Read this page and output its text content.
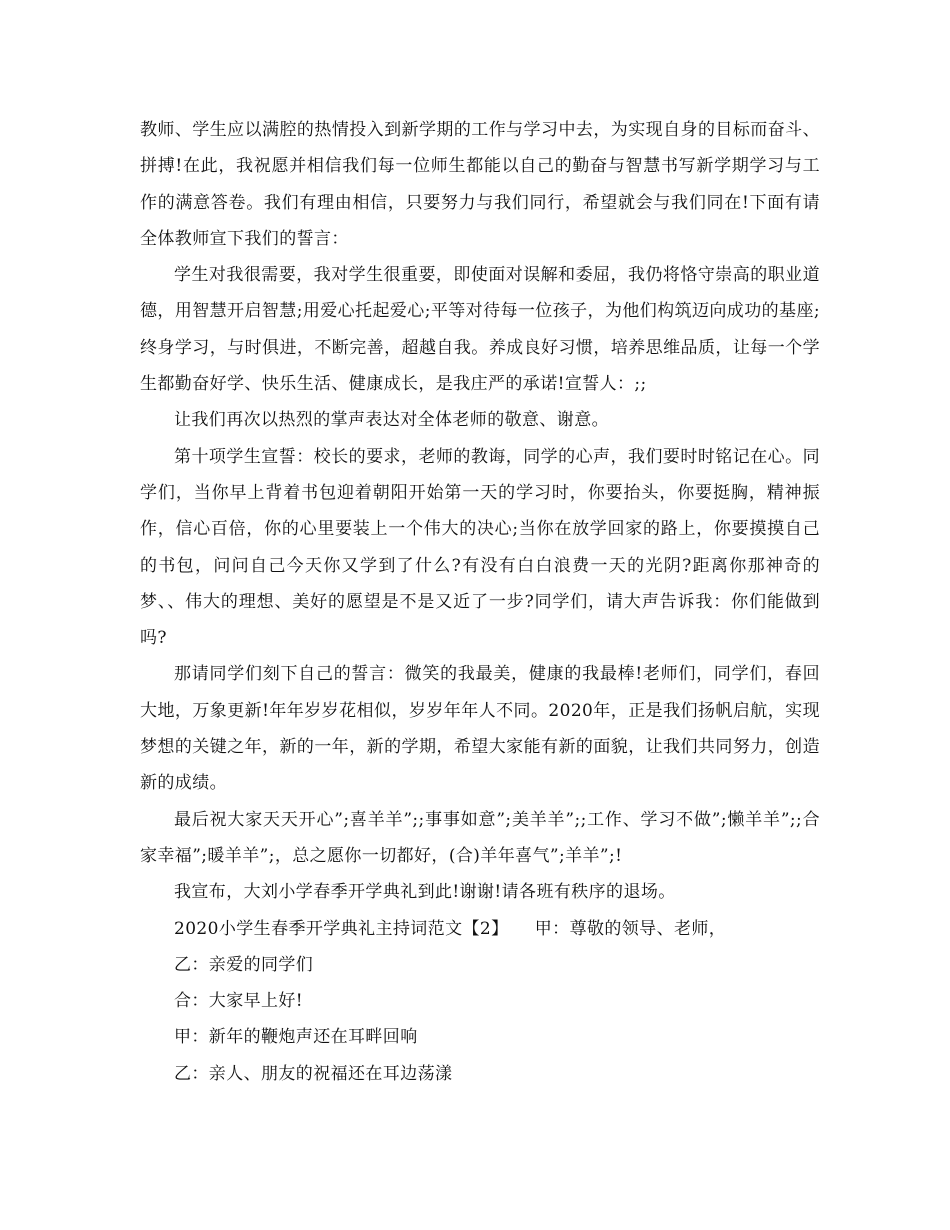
教师、学生应以满腔的热情投入到新学期的工作与学习中去，为实现自身的目标而奋斗、拼搏!在此，我祝愿并相信我们每一位师生都能以自己的勤奋与智慧书写新学期学习与工作的满意答卷。我们有理由相信，只要努力与我们同行，希望就会与我们同在!下面有请全体教师宣下我们的誓言：

学生对我很需要，我对学生很重要，即使面对误解和委屈，我仍将恪守崇高的职业道德，用智慧开启智慧;用爱心托起爱心;平等对待每一位孩子，为他们构筑迈向成功的基座;终身学习，与时俱进，不断完善，超越自我。养成良好习惯，培养思维品质，让每一个学生都勤奋好学、快乐生活、健康成长，是我庄严的承诺!宣誓人：;;

让我们再次以热烈的掌声表达对全体老师的敬意、谢意。

第十项学生宣誓：校长的要求，老师的教诲，同学的心声，我们要时时铭记在心。同学们，当你早上背着书包迎着朝阳开始第一天的学习时，你要抬头，你要挺胸，精神振作，信心百倍，你的心里要装上一个伟大的决心;当你在放学回家的路上，你要摸摸自己的书包，问问自己今天你又学到了什么?有没有白白浪费一天的光阴?距离你那神奇的梦、、伟大的理想、美好的愿望是不是又近了一步?同学们，请大声告诉我：你们能做到吗?

那请同学们刻下自己的誓言：微笑的我最美，健康的我最棒!老师们，同学们，春回大地，万象更新!年年岁岁花相似，岁岁年年人不同。2020年，正是我们扬帆启航，实现梦想的关键之年，新的一年，新的学期，希望大家能有新的面貌，让我们共同努力，创造新的成绩。

最后祝大家天天开心”;喜羊羊”;;事事如意”;美羊羊”;;工作、学习不做”;懒羊羊”;;合家幸福”;暖羊羊”;，总之愿你一切都好，(合)羊年喜气”;羊羊”;!

我宣布，大刘小学春季开学典礼到此!谢谢!请各班有秩序的退场。

2020小学生春季开学典礼主持词范文【2】　　甲：尊敬的领导、老师，

乙：亲爱的同学们

合：大家早上好!

甲：新年的鞭炮声还在耳畔回响

乙：亲人、朋友的祝福还在耳边荡漾
